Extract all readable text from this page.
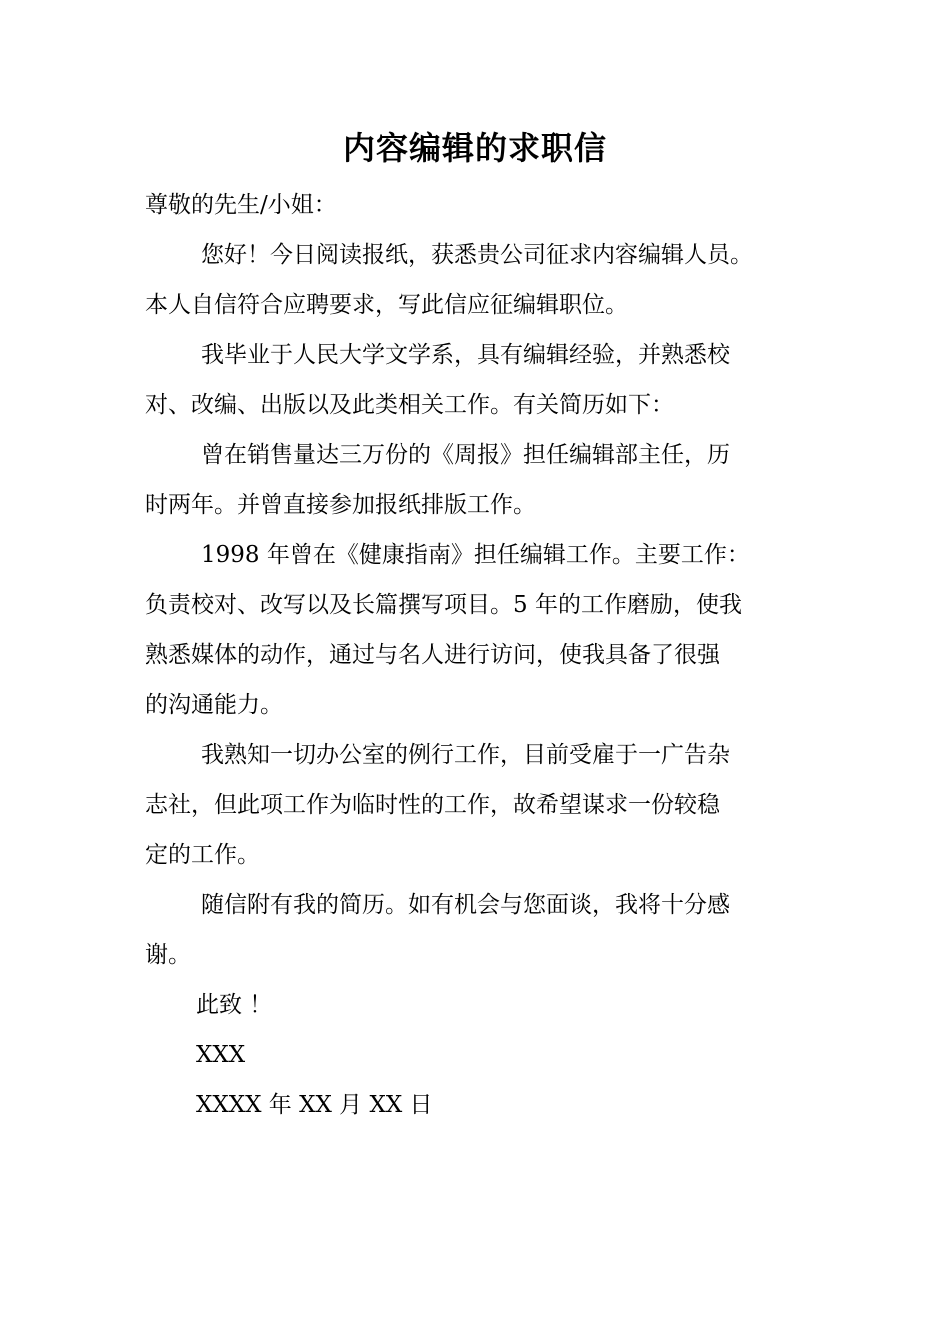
内容编辑的求职信
尊敬的先生/小姐：
您好！今日阅读报纸，获悉贵公司征求内容编辑人员。
本人自信符合应聘要求，写此信应征编辑职位。
我毕业于人民大学文学系，具有编辑经验，并熟悉校
对、改编、出版以及此类相关工作。有关简历如下：
曾在销售量达三万份的《周报》担任编辑部主任，历
时两年。并曾直接参加报纸排版工作。
1998 年曾在《健康指南》担任编辑工作。主要工作：
负责校对、改写以及长篇撰写项目。5 年的工作磨励，使我
熟悉媒体的动作，通过与名人进行访问，使我具备了很强
的沟通能力。
我熟知一切办公室的例行工作，目前受雇于一广告杂
志社，但此项工作为临时性的工作，故希望谋求一份较稳
定的工作。
随信附有我的简历。如有机会与您面谈，我将十分感
谢。
此致 ！
XXX
XXXX 年 XX 月 XX 日
